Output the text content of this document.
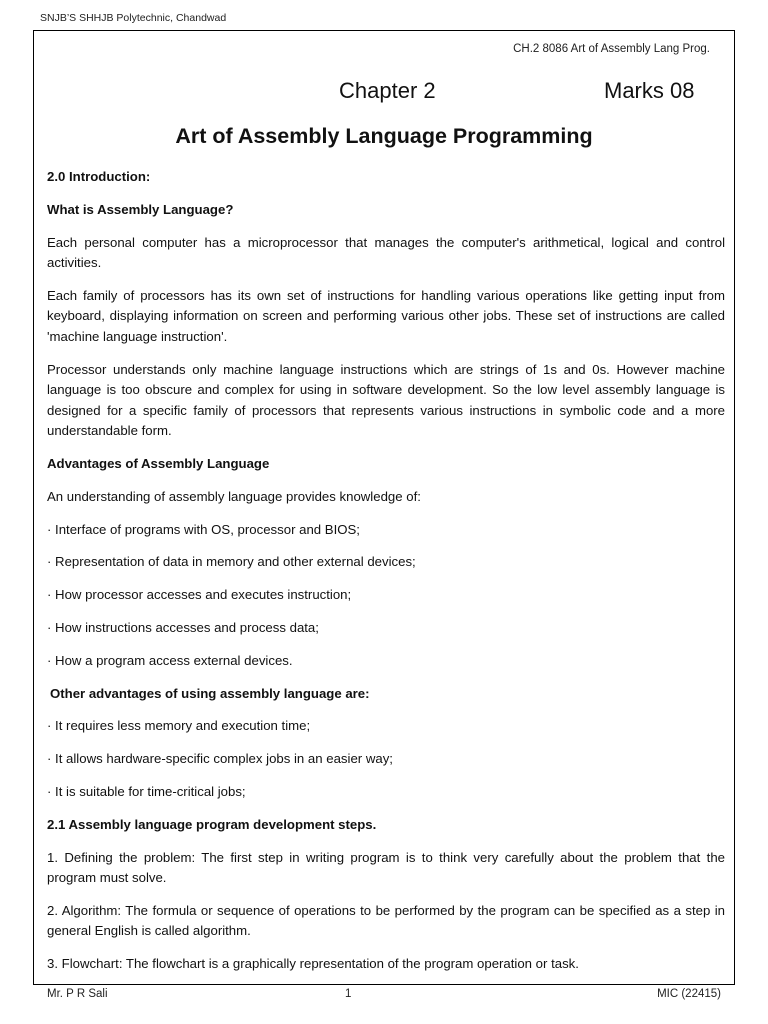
SNJB’S SHHJB Polytechnic, Chandwad
CH.2 8086 Art of Assembly Lang Prog.
Chapter 2	Marks 08
Art of Assembly Language Programming

2.0 Introduction:

What is Assembly Language?

Each personal computer has a microprocessor that manages the computer's arithmetical, logical and control activities.

Each family of processors has its own set of instructions for handling various operations like getting input from keyboard, displaying information on screen and performing various other jobs. These set of instructions are called 'machine language instruction'.

Processor understands only machine language instructions which are strings of 1s and 0s. However machine language is too obscure and complex for using in software development. So the low level assembly language is designed for a specific family of processors that represents various instructions in symbolic code and a more understandable form.

Advantages of Assembly Language

An understanding of assembly language provides knowledge of:

· Interface of programs with OS, processor and BIOS;

· Representation of data in memory and other external devices;

· How processor accesses and executes instruction;

· How instructions accesses and process data;

· How a program access external devices.

Other advantages of using assembly language are:

· It requires less memory and execution time;

· It allows hardware-specific complex jobs in an easier way;

· It is suitable for time-critical jobs;

2.1 Assembly language program development steps.

1. Defining the problem: The first step in writing program is to think very carefully about the problem that the program must solve.

2. Algorithm: The formula or sequence of operations to be performed by the program can be specified as a step in general English is called algorithm.

3. Flowchart: The flowchart is a graphically representation of the program operation or task.

Mr. P R Sali	1	MIC (22415)
